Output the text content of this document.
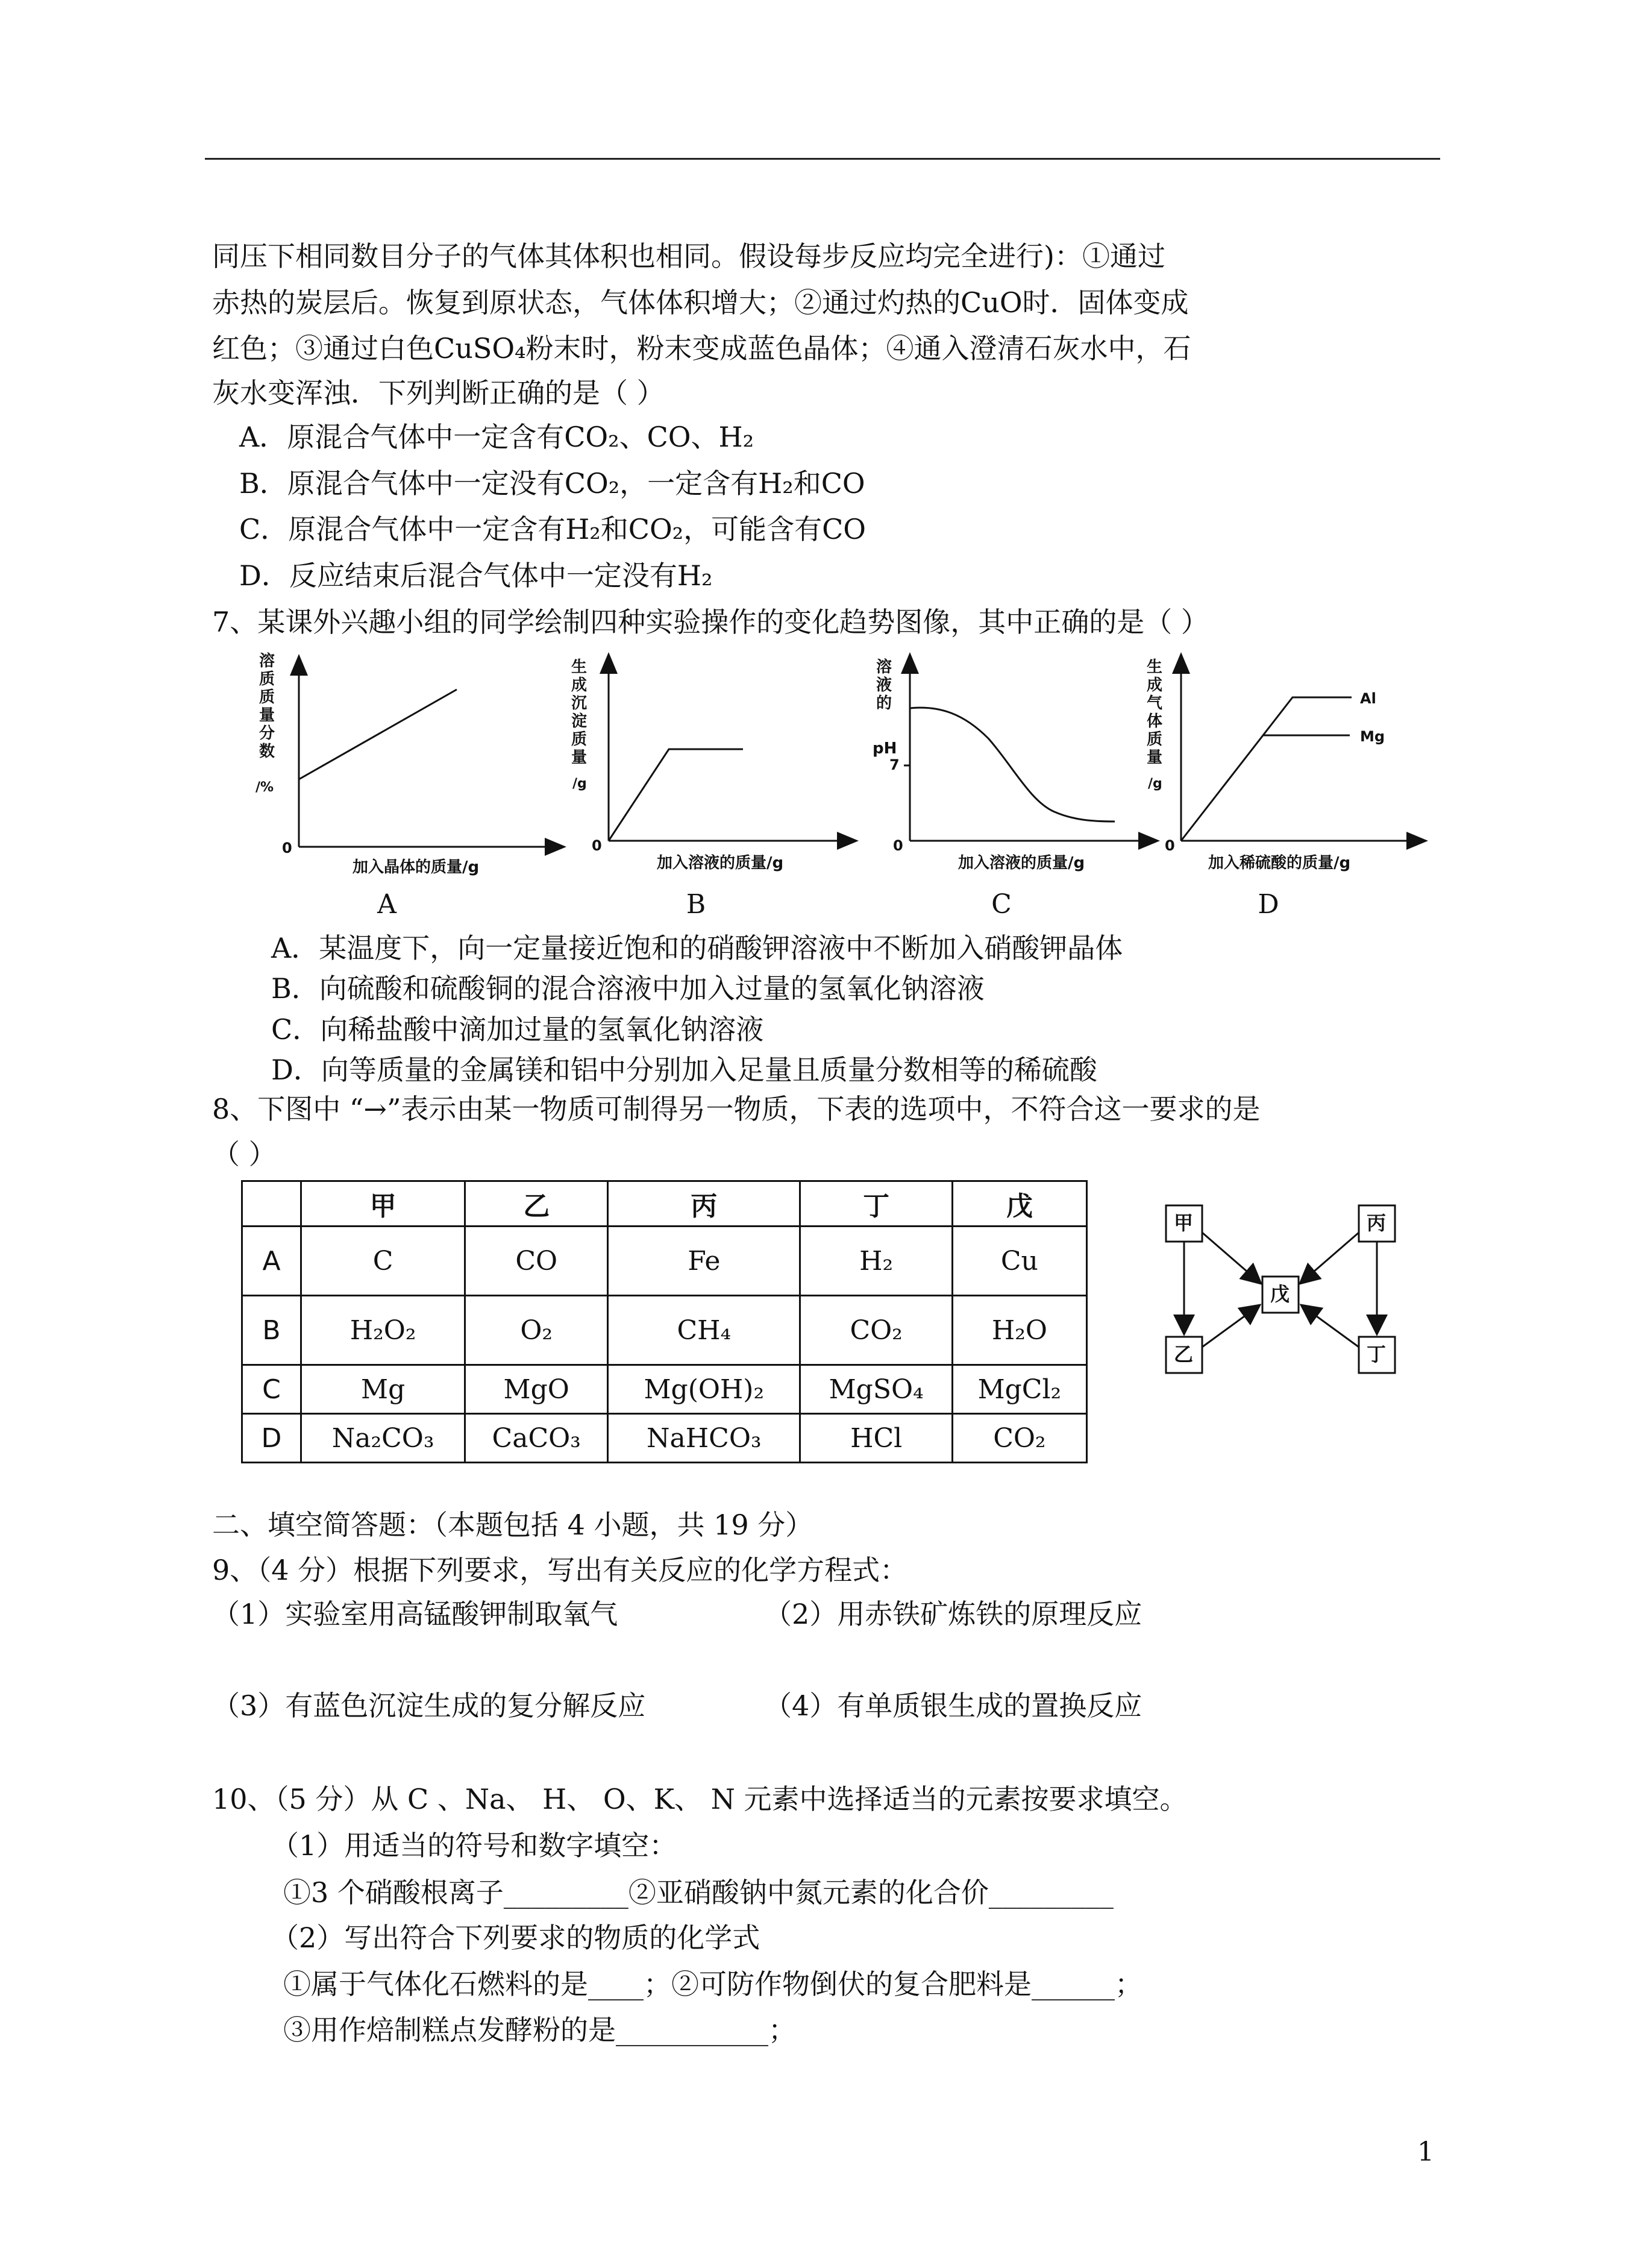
同压下相同数目分子的气体其体积也相同。假设每步反应均完全进行)：①通过
赤热的炭层后。恢复到原状态，气体体积增大；②通过灼热的CuO时．固体变成
红色；③通过白色CuSO₄粉末时，粉末变成蓝色晶体；④通入澄清石灰水中，石
灰水变浑浊．下列判断正确的是（ ）
A．原混合气体中一定含有CO₂、CO、H₂
B．原混合气体中一定没有CO₂，一定含有H₂和CO
C．原混合气体中一定含有H₂和CO₂，可能含有CO
D．反应结束后混合气体中一定没有H₂
7、某课外兴趣小组的同学绘制四种实验操作的变化趋势图像，其中正确的是（ ）
0
加入晶体的质量/g
溶质质 量分数 /%
0
加入溶液的质量/g
生成沉 淀质量 /g
0
加入溶液的质量/g
溶液的
pH
7
Al
Mg
0
加入稀硫酸的质量/g
生成气 体质量 /g
A	B	C	D
A．某温度下，向一定量接近饱和的硝酸钾溶液中不断加入硝酸钾晶体
B．向硫酸和硫酸铜的混合溶液中加入过量的氢氧化钠溶液
C．向稀盐酸中滴加过量的氢氧化钠溶液
D．向等质量的金属镁和铝中分别加入足量且质量分数相等的稀硫酸
8、下图中 “→”表示由某一物质可制得另一物质，下表的选项中，不符合这一要求的是
（ ）
	甲	乙	丙	丁	戊
A	C	CO	Fe	H₂	Cu
B	H₂O₂	O₂	CH₄	CO₂	H₂O
C	Mg	MgO	Mg(OH)₂	MgSO₄	MgCl₂
D	Na₂CO₃	CaCO₃	NaHCO₃	HCl	CO₂
甲	丙
戊
乙	丁
二、填空简答题：（本题包括 4 小题，共 19 分）
9、（4 分）根据下列要求，写出有关反应的化学方程式：
（1）实验室用高锰酸钾制取氧气	（2）用赤铁矿炼铁的原理反应
（3）有蓝色沉淀生成的复分解反应	（4）有单质银生成的置换反应
10、（5 分）从 C 、Na、 H、 O、K、 N 元素中选择适当的元素按要求填空。
（1）用适当的符号和数字填空：
①3 个硝酸根离子_________②亚硝酸钠中氮元素的化合价_________
（2）写出符合下列要求的物质的化学式
①属于气体化石燃料的是____；②可防作物倒伏的复合肥料是______；
③用作焙制糕点发酵粉的是___________；
1
